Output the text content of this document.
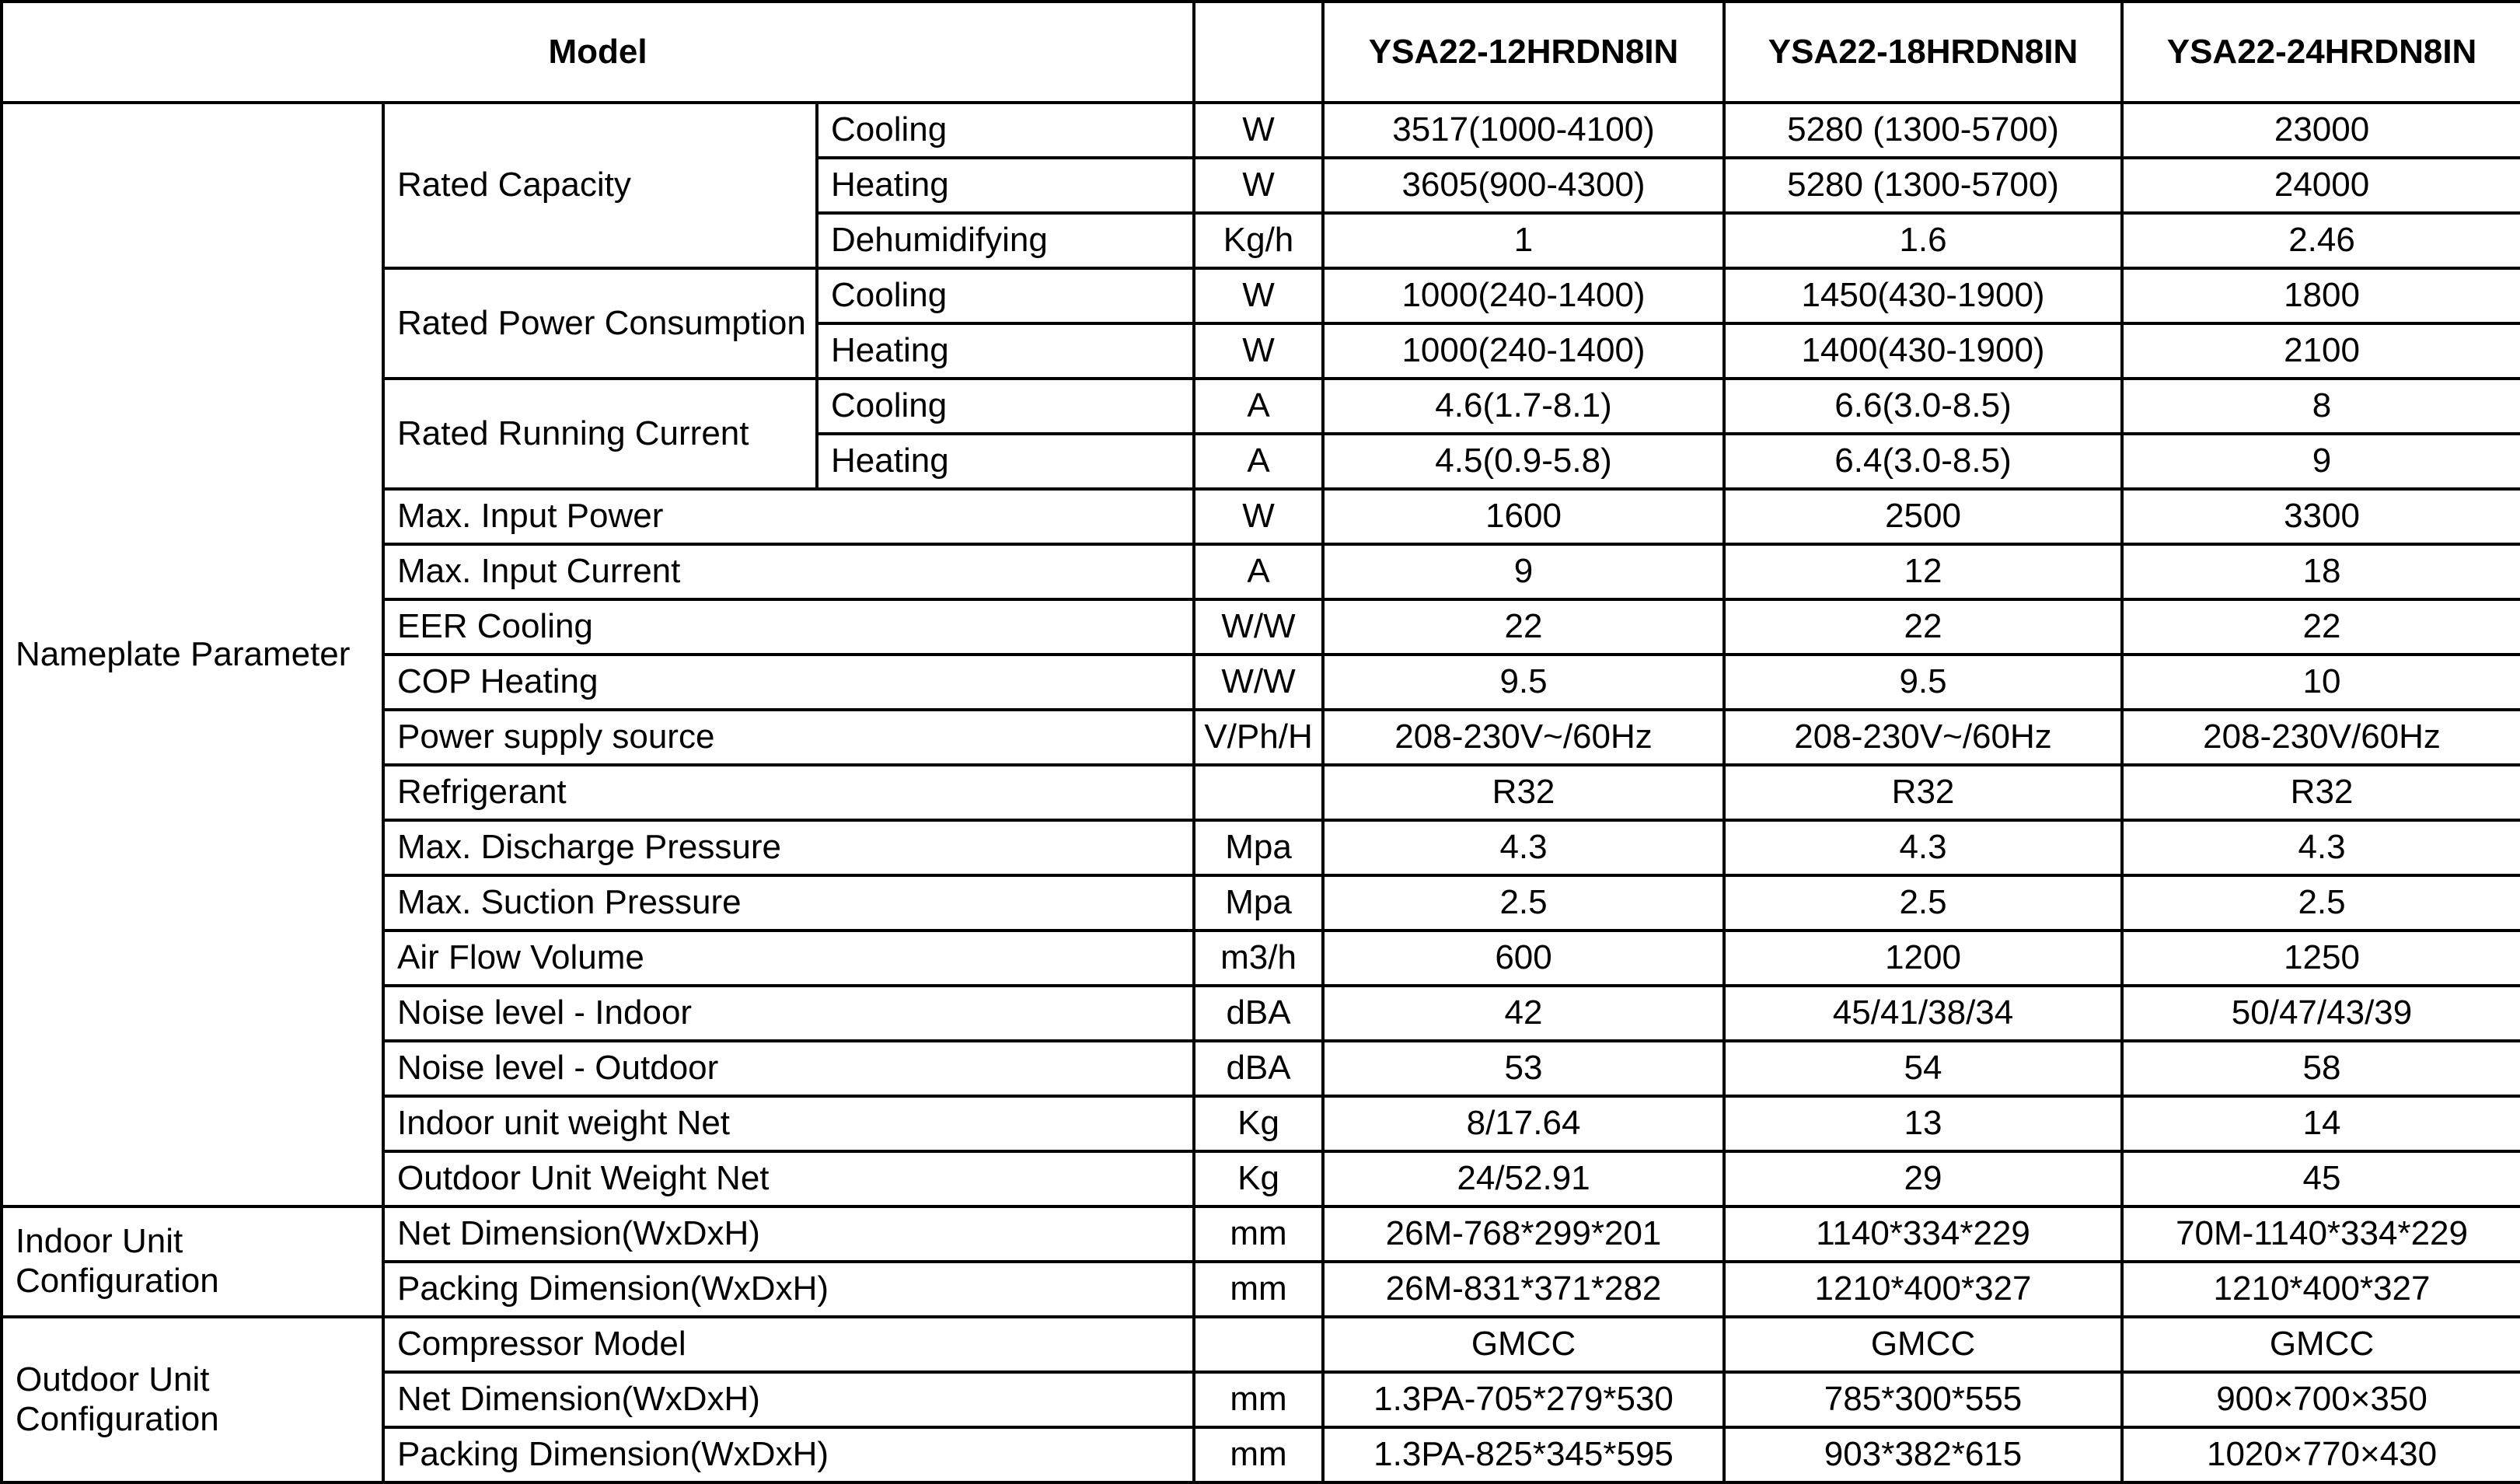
Model				YSA22-12HRDN8IN	YSA22-18HRDN8IN	YSA22-24HRDN8IN
Nameplate Parameter	Rated Capacity	Cooling	W	3517(1000-4100)	5280 (1300-5700)	23000
		Heating	W	3605(900-4300)	5280 (1300-5700)	24000
		Dehumidifying	Kg/h	1	1.6	2.46
	Rated Power Consumption	Cooling	W	1000(240-1400)	1450(430-1900)	1800
		Heating	W	1000(240-1400)	1400(430-1900)	2100
	Rated Running Current	Cooling	A	4.6(1.7-8.1)	6.6(3.0-8.5)	8
		Heating	A	4.5(0.9-5.8)	6.4(3.0-8.5)	9
	Max. Input Power		W	1600	2500	3300
	Max. Input Current		A	9	12	18
	EER Cooling		W/W	22	22	22
	COP Heating		W/W	9.5	9.5	10
	Power supply source		V/Ph/H	208-230V~/60Hz	208-230V~/60Hz	208-230V/60Hz
	Refrigerant			R32	R32	R32
	Max. Discharge Pressure		Mpa	4.3	4.3	4.3
	Max. Suction Pressure		Mpa	2.5	2.5	2.5
	Air Flow Volume		m3/h	600	1200	1250
	Noise level - Indoor		dBA	42	45/41/38/34	50/47/43/39
	Noise level - Outdoor		dBA	53	54	58
	Indoor unit weight Net		Kg	8/17.64	13	14
	Outdoor Unit Weight Net		Kg	24/52.91	29	45
Indoor Unit Configuration	Net Dimension(WxDxH)		mm	26M-768*299*201	1140*334*229	70M-1140*334*229
	Packing Dimension(WxDxH)		mm	26M-831*371*282	1210*400*327	1210*400*327
Outdoor Unit Configuration	Compressor Model			GMCC	GMCC	GMCC
	Net Dimension(WxDxH)		mm	1.3PA-705*279*530	785*300*555	900×700×350
	Packing Dimension(WxDxH)		mm	1.3PA-825*345*595	903*382*615	1020×770×430
